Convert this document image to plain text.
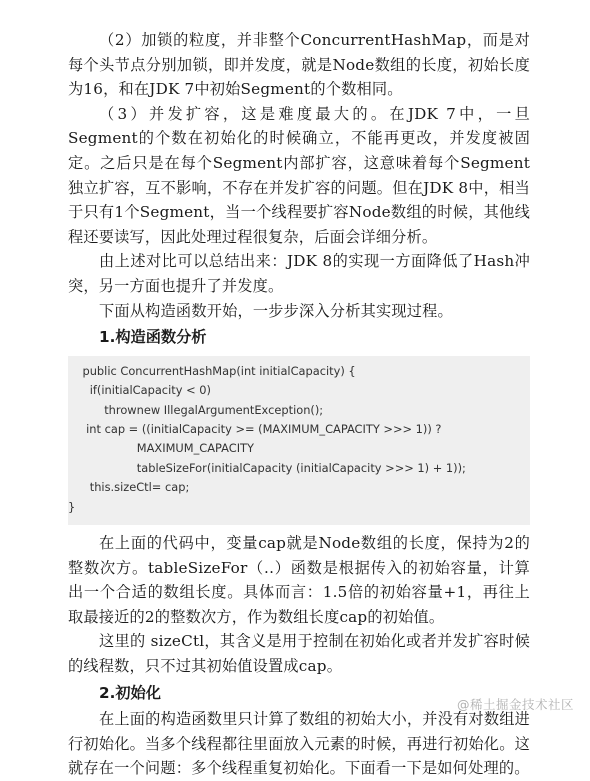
（2）加锁的粒度，并非整个ConcurrentHashMap，而是对每个头节点分别加锁，即并发度，就是Node数组的长度，初始长度为16，和在JDK 7中初始Segment的个数相同。

（3）并发扩容，这是难度最大的。在JDK 7中，一旦Segment的个数在初始化的时候确立，不能再更改，并发度被固定。之后只是在每个Segment内部扩容，这意味着每个Segment独立扩容，互不影响，不存在并发扩容的问题。但在JDK 8中，相当于只有1个Segment，当一个线程要扩容Node数组的时候，其他线程还要读写，因此处理过程很复杂，后面会详细分析。

由上述对比可以总结出来：JDK 8的实现一方面降低了Hash冲突，另一方面也提升了并发度。

下面从构造函数开始，一步步深入分析其实现过程。

1.构造函数分析
public ConcurrentHashMap(int initialCapacity) {
if(initialCapacity < 0)
thrownew IllegalArgumentException();
int cap = ((initialCapacity >= (MAXIMUM_CAPACITY >>> 1)) ?
MAXIMUM_CAPACITY
tableSizeFor(initialCapacity (initialCapacity >>> 1) + 1));
this.sizeCtl= cap;
}

在上面的代码中，变量cap就是Node数组的长度，保持为2的整数次方。tableSizeFor（..）函数是根据传入的初始容量，计算出一个合适的数组长度。具体而言：1.5倍的初始容量+1，再往上取最接近的2的整数次方，作为数组长度cap的初始值。

这里的 sizeCtl，其含义是用于控制在初始化或者并发扩容时候的线程数，只不过其初始值设置成cap。

2.初始化

在上面的构造函数里只计算了数组的初始大小，并没有对数组进行初始化。当多个线程都往里面放入元素的时候，再进行初始化。这就存在一个问题：多个线程重复初始化。下面看一下是如何处理的。

@稀土掘金技术社区
